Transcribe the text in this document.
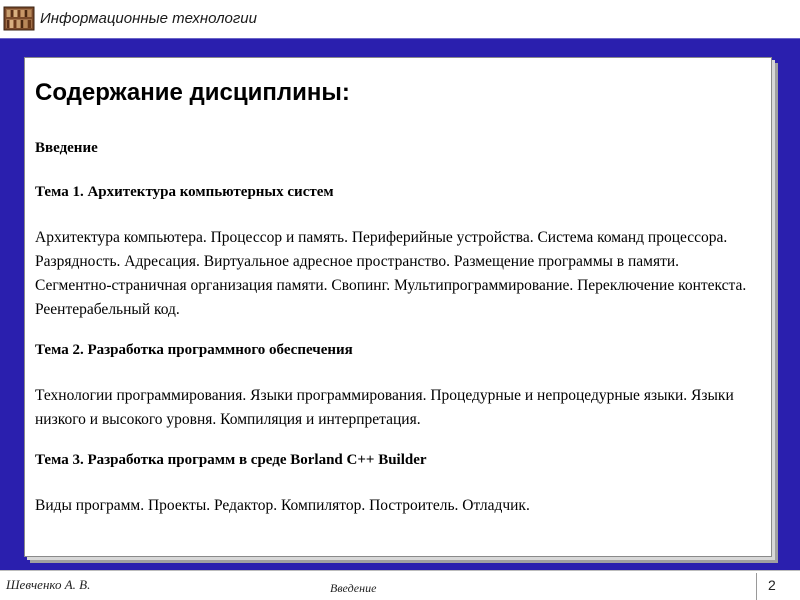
Информационные технологии
Содержание дисциплины:
Введение
Тема 1. Архитектура компьютерных систем
Архитектура компьютера. Процессор и память. Периферийные устройства. Система команд процессора. Разрядность. Адресация. Виртуальное адресное пространство. Размещение программы в памяти. Сегментно-страничная организация памяти. Свопинг. Мультипрограммирование. Переключение контекста. Реентерабельный код.
Тема 2. Разработка программного обеспечения
Технологии программирования. Языки программирования. Процедурные и непроцедурные языки. Языки низкого и высокого уровня. Компиляция и интерпретация.
Тема 3. Разработка программ в среде Borland C++ Builder
Виды программ. Проекты. Редактор. Компилятор. Построитель. Отладчик.
Шевченко А. В.	Введение	2
